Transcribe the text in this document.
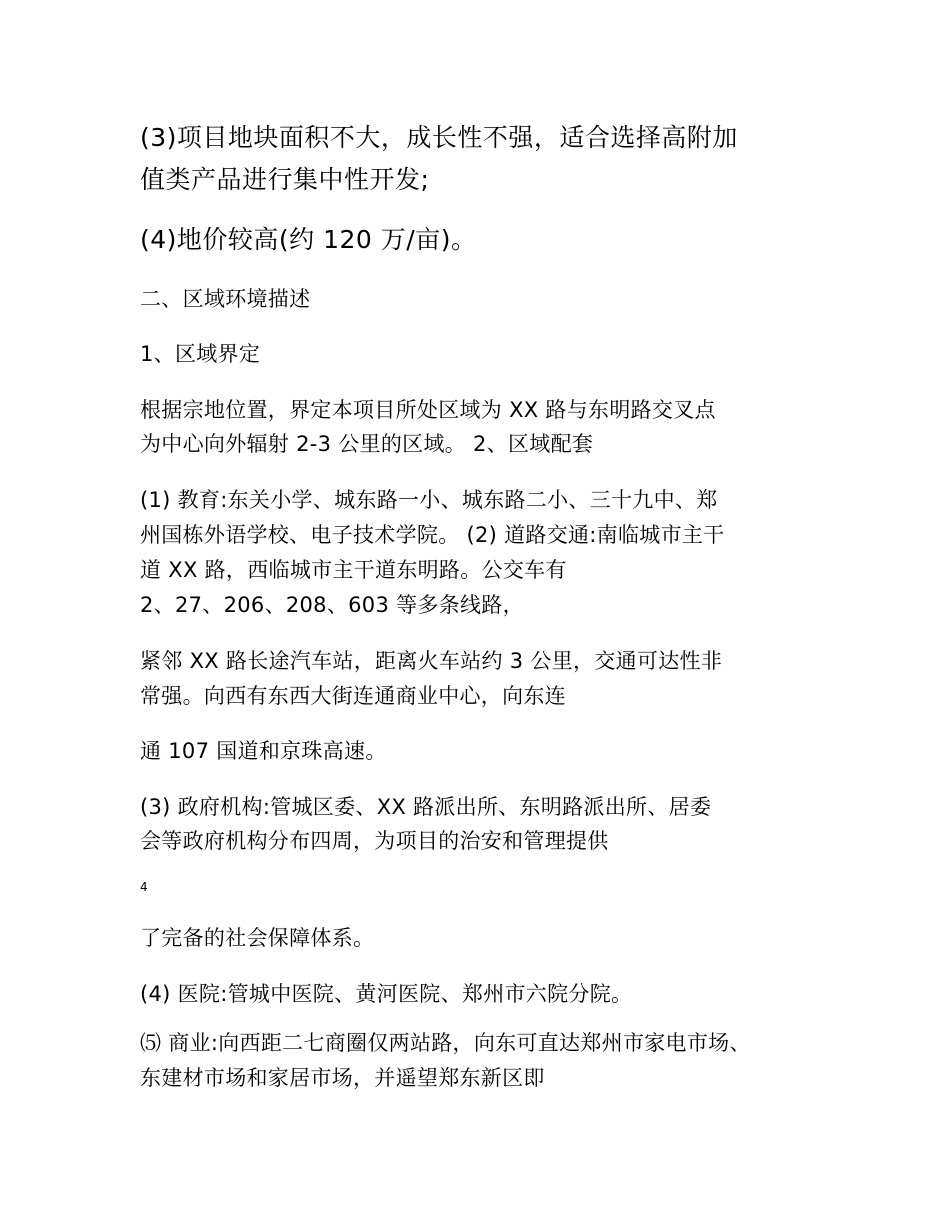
(3)项目地块面积不大，成长性不强，适合选择高附加
值类产品进行集中性开发;
(4)地价较高(约 120 万/亩)。
二、区域环境描述
1、区域界定
根据宗地位置，界定本项目所处区域为 XX 路与东明路交叉点
为中心向外辐射 2-3 公里的区域。 2、区域配套
(1) 教育:东关小学、城东路一小、城东路二小、三十九中、郑
州国栋外语学校、电子技术学院。 (2) 道路交通:南临城市主干
道 XX 路，西临城市主干道东明路。公交车有
2、27、206、208、603 等多条线路，
紧邻 XX 路长途汽车站，距离火车站约 3 公里，交通可达性非
常强。向西有东西大街连通商业中心，向东连
通 107 国道和京珠高速。
(3) 政府机构:管城区委、XX 路派出所、东明路派出所、居委
会等政府机构分布四周，为项目的治安和管理提供
4
了完备的社会保障体系。
(4) 医院:管城中医院、黄河医院、郑州市六院分院。
⑸ 商业:向西距二七商圈仅两站路，向东可直达郑州市家电市场、
东建材市场和家居市场，并遥望郑东新区即
